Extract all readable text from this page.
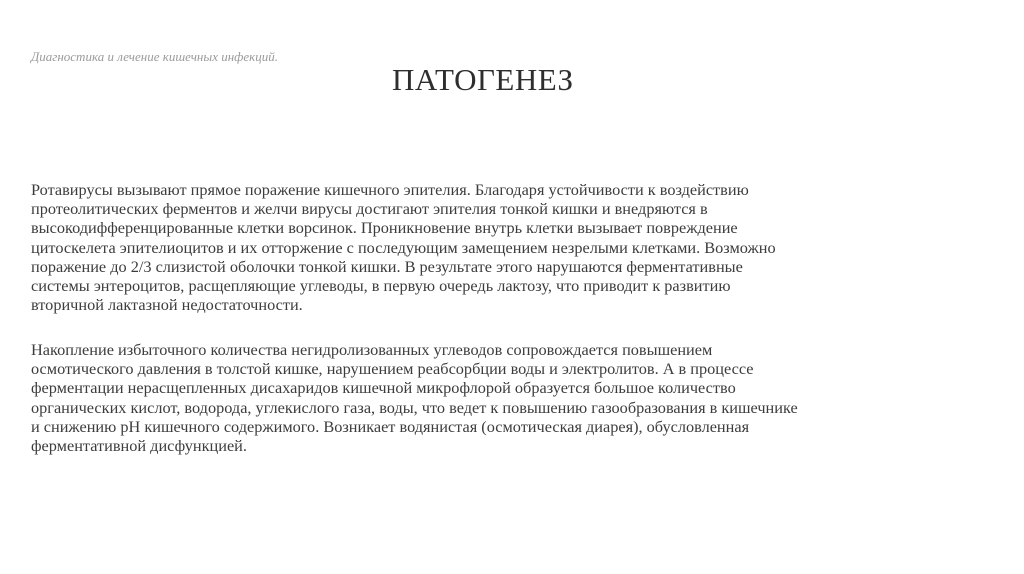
Диагностика и лечение кишечных инфекций.
ПАТОГЕНЕЗ

Ротавирусы вызывают прямое поражение кишечного эпителия. Благодаря устойчивости к воздействию
протеолитических ферментов и желчи вирусы достигают эпителия тонкой кишки и внедряются в
высокодифференцированные клетки ворсинок. Проникновение внутрь клетки вызывает повреждение
цитоскелета эпителиоцитов и их отторжение с последующим замещением незрелыми клетками. Возможно
поражение до 2/3 слизистой оболочки тонкой кишки. В результате этого нарушаются ферментативные
системы энтероцитов, расщепляющие углеводы, в первую очередь лактозу, что приводит к развитию
вторичной лактазной недостаточности.

Накопление избыточного количества негидролизованных углеводов сопровождается повышением
осмотического давления в толстой кишке, нарушением реабсорбции воды и электролитов. А в процессе
ферментации нерасщепленных дисахаридов кишечной микрофлорой образуется большое количество
органических кислот, водорода, углекислого газа, воды, что ведет к повышению газообразования в кишечнике
и снижению рН кишечного содержимого. Возникает водянистая (осмотическая диарея), обусловленная
ферментативной дисфункцией.
